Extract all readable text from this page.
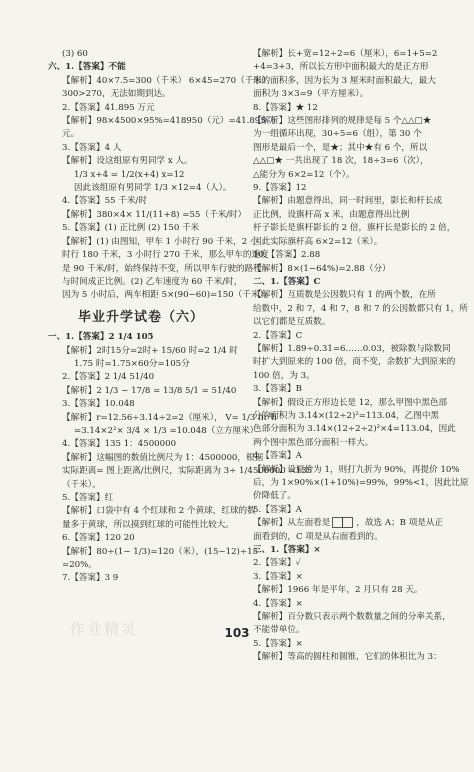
(3) 60
六、1.【答案】不能
【解析】40×7.5=300（千米） 6×45=270（千米）
300>270，无法如期到达。
2.【答案】41.895 万元
【解析】98×4500×95%=418950（元）=41.895 万
元。
3.【答案】4 人
【解析】设这组原有男同学 x 人。
1/3 x+4 = 1/2(x+4) x=12
因此该组原有男同学 1/3 ×12=4（人）。
4.【答案】55 千米/时
【解析】380×4× 11/(11+8) =55（千米/时）
5.【答案】(1) 正比例 (2) 150 千米
【解析】(1) 由图知，甲车 1 小时行 90 千米，2 小
时行 180 千米，3 小时行 270 千米，那么甲车的速度
是 90 千米/时，始终保持不变，所以甲车行驶的路程
与时间成正比例。(2) 乙车速度为 60 千米/时，
因为 5 小时后，两车相距 5×(90−60)=150（千米）。
毕业升学试卷（六）
一、1.【答案】2 1/4 105
【解析】2时15分=2时+ 15/60 时=2 1/4 时
1.75 时=1.75×60分=105分
2.【答案】2 1/4 51/40
【解析】2 1/3 − 17/8 = 13/8 5/1 = 51/40
3.【答案】10.048
【解析】r=12.56÷3.14÷2=2（厘米）， V= 1/3 πr²h
=3.14×2²× 3/4 × 1/3 =10.048（立方厘米）
4.【答案】135 1：4500000
【解析】这幅图的数值比例尺为 1：4500000，根据
实际距离= 图上距离/比例尺，实际距离为 3÷ 1/4500000 =135
（千米）。
5.【答案】红
【解析】口袋中有 4 个红球和 2 个黄球，红球的数
量多于黄球，所以摸到红球的可能性比较大。
6.【答案】120 20
【解析】80÷(1− 1/3)=120（米），(15−12)÷15
=20%。
7.【答案】3 9
【解析】长+宽=12÷2=6（厘米），6=1+5=2
+4=3+3，所以长方形中面积最大的是正方形
形的面积多，因为长为 3 厘米时面积最大，最大
面积为 3×3=9（平方厘米）。
8.【答案】★ 12
【解析】这些图形排列的规律是每 5 个△△□★
为一组循环出现，30÷5=6（组），第 30 个
图形是最后一个，是★；其中★有 6 个，所以
△△□★ 一共出现了 18 次，18÷3=6（次），
△能分为 6×2=12（个）。
9.【答案】12
【解析】由题意得出，同一时间里，影长和杆长成
正比例，设旗杆高 x 米，由题意得出比例
杆子影长是旗杆影长的 2 倍，旗杆长是影长的 2 倍，
因此实际旗杆高 6×2=12（米）。
10.【答案】2.88
【解析】8×(1−64%)=2.88（分）
二、1.【答案】C
【解析】互质数是公因数只有 1 的两个数，在所
给数中，2 和 7，4 和 7，8 和 7 的公因数都只有 1，所
以它们都是互质数。
2.【答案】C
【解析】1.89÷0.31=6……0.03，被除数与除数同
时扩大到原来的 100 倍，商不变，余数扩大到原来的
100 倍，为 3。
3.【答案】B
【解析】假设正方形边长是 12，那么甲图中黑色部
分的面积为 3.14×(12÷2)²=113.04，乙图中黑
色部分面积为 3.14×(12÷2÷2)²×4=113.04，因此
两个图中黑色部分面积一样大。
4.【答案】A
【解析】设原价为 1，则打九折为 90%，再提价 10%
后，为 1×90%×(1+10%)=99%，99%<1，因此比原
价降低了。
5.【答案】A
【解析】从左面看是	，故选 A；B 项是从正
面看到的，C 项是从右面看到的。
三、1.【答案】×
2.【答案】✓
3.【答案】×
【解析】1966 年是平年，2 月只有 28 天。
4.【答案】×
【解析】百分数只表示两个数数量之间的分率关系，
不能带单位。
5.【答案】×
【解析】等高的圆柱和圆锥，它们的体积比为 3：
作业精灵	103
